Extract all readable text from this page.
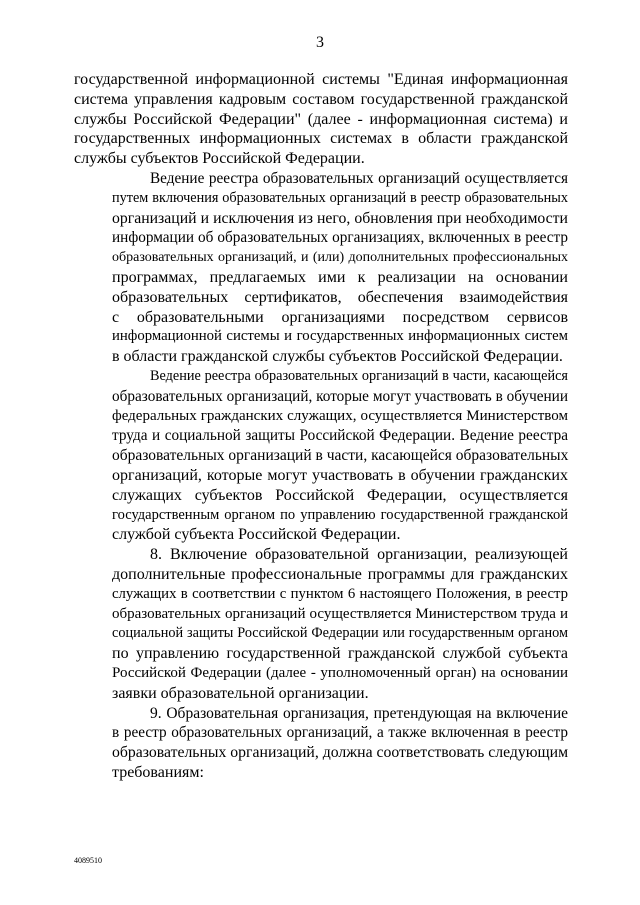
3
государственной информационной системы "Единая информационная
система управления кадровым составом государственной гражданской
службы Российской Федерации" (далее - информационная система) и
государственных информационных системах в области гражданской
службы субъектов Российской Федерации.
Ведение реестра образовательных организаций осуществляется
путем включения образовательных организаций в реестр образовательных
организаций и исключения из него, обновления при необходимости
информации об образовательных организациях, включенных в реестр
образовательных организаций, и (или) дополнительных профессиональных
программах, предлагаемых ими к реализации на основании
образовательных сертификатов, обеспечения взаимодействия
с образовательными организациями посредством сервисов
информационной системы и государственных информационных систем
в области гражданской службы субъектов Российской Федерации.
Ведение реестра образовательных организаций в части, касающейся
образовательных организаций, которые могут участвовать в обучении
федеральных гражданских служащих, осуществляется Министерством
труда и социальной защиты Российской Федерации. Ведение реестра
образовательных организаций в части, касающейся образовательных
организаций, которые могут участвовать в обучении гражданских
служащих субъектов Российской Федерации, осуществляется
государственным органом по управлению государственной гражданской
службой субъекта Российской Федерации.
8. Включение образовательной организации, реализующей
дополнительные профессиональные программы для гражданских
служащих в соответствии с пунктом 6 настоящего Положения, в реестр
образовательных организаций осуществляется Министерством труда и
социальной защиты Российской Федерации или государственным органом
по управлению государственной гражданской службой субъекта
Российской Федерации (далее - уполномоченный орган) на основании
заявки образовательной организации.
9. Образовательная организация, претендующая на включение
в реестр образовательных организаций, а также включенная в реестр
образовательных организаций, должна соответствовать следующим
требованиям:
4089510
